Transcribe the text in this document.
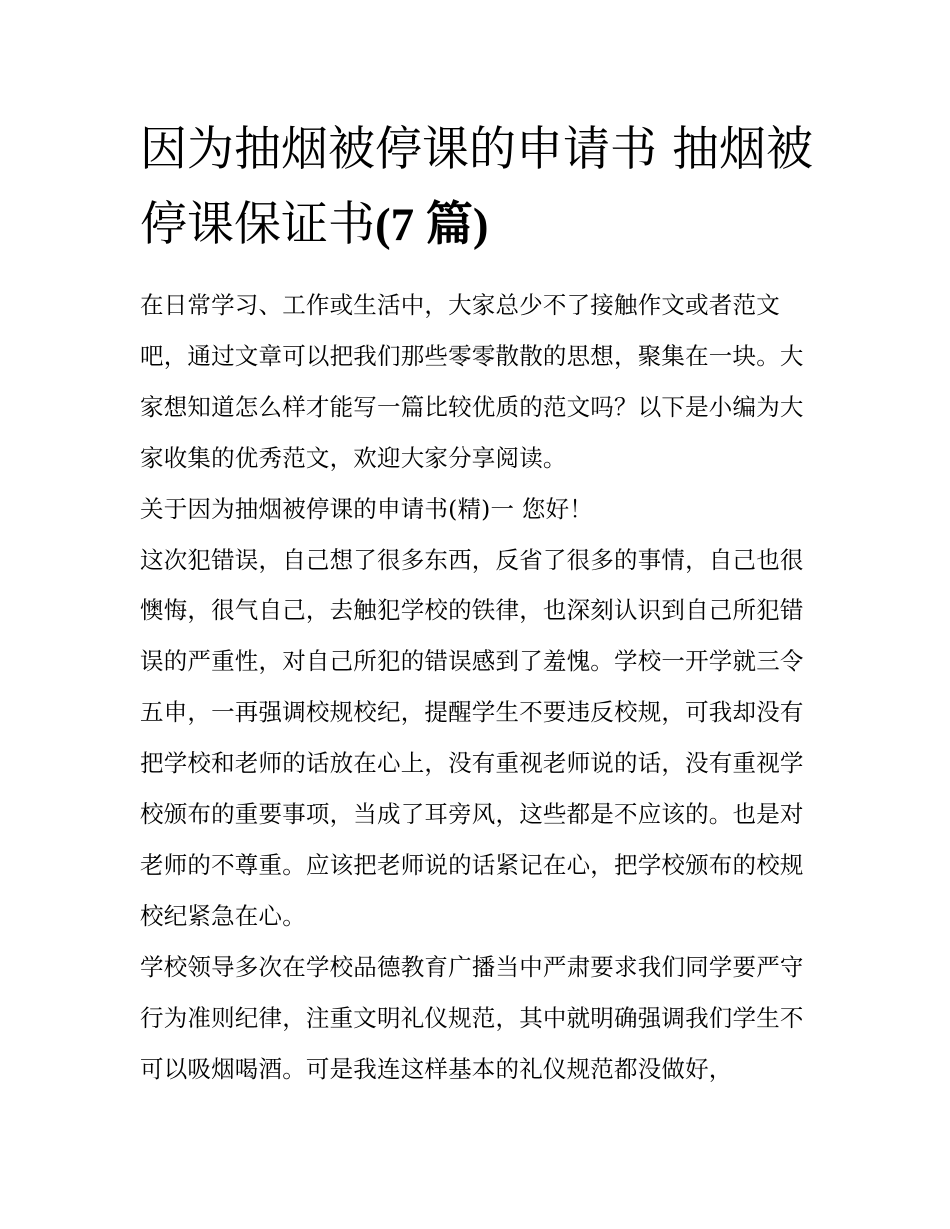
因为抽烟被停课的申请书 抽烟被停课保证书(7 篇)

在日常学习、工作或生活中，大家总少不了接触作文或者范文吧，通过文章可以把我们那些零零散散的思想，聚集在一块。大家想知道怎么样才能写一篇比较优质的范文吗？以下是小编为大家收集的优秀范文，欢迎大家分享阅读。

关于因为抽烟被停课的申请书(精)一 您好！

这次犯错误，自己想了很多东西，反省了很多的事情，自己也很懊悔，很气自己，去触犯学校的铁律，也深刻认识到自己所犯错误的严重性，对自己所犯的错误感到了羞愧。学校一开学就三令五申，一再强调校规校纪，提醒学生不要违反校规，可我却没有把学校和老师的话放在心上，没有重视老师说的话，没有重视学校颁布的重要事项，当成了耳旁风，这些都是不应该的。也是对老师的不尊重。应该把老师说的话紧记在心，把学校颁布的校规校纪紧急在心。

学校领导多次在学校品德教育广播当中严肃要求我们同学要严守行为准则纪律，注重文明礼仪规范，其中就明确强调我们学生不可以吸烟喝酒。可是我连这样基本的礼仪规范都没做好，
